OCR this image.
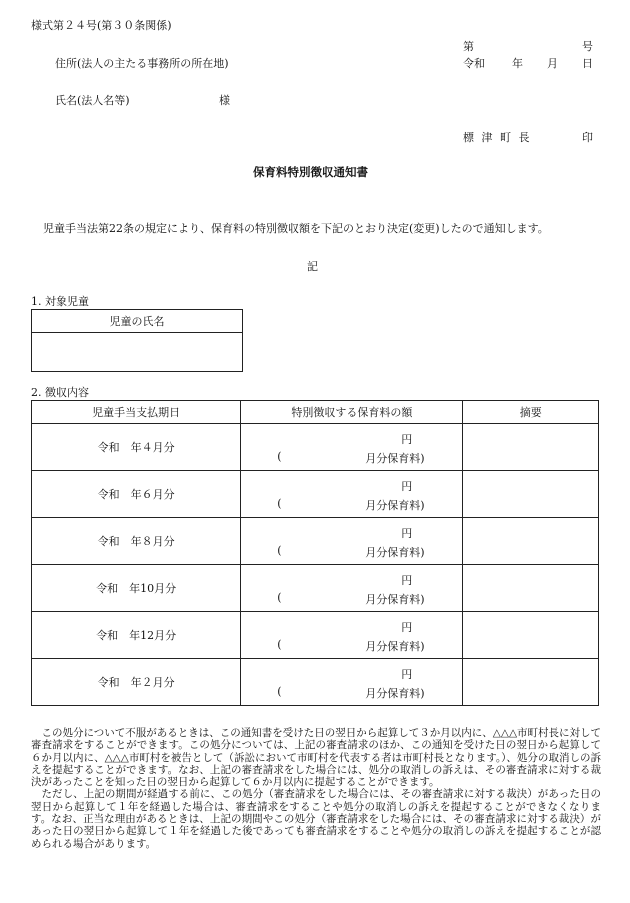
様式第２４号(第３０条関係)
第	号
住所(法人の主たる事務所の所在地)	令和 年 月 日
氏名(法人名等)	様
標 津 町 長	印
保育料特別徴収通知書
児童手当法第22条の規定により、保育料の特別徴収額を下記のとおり決定(変更)したので通知します。
記
1. 対象児童
児童の氏名

2. 徴収内容
児童手当支払期日	特別徴収する保育料の額	摘要
令和　年４月分	円
( 月分保育料)	

令和　年６月分	円
( 月分保育料)	

令和　年８月分	円
( 月分保育料)	

令和　年10月分	円
( 月分保育料)	

令和　年12月分	円
( 月分保育料)	

令和　年２月分	円
( 月分保育料)	

この処分について不服があるときは、この通知書を受けた日の翌日から起算して３か月以内に、△△△市町村長に対して審査請求をすることができます。この処分については、上記の審査請求のほか、この通知を受けた日の翌日から起算して６か月以内に、△△△市町村を被告として（訴訟において市町村を代表する者は市町村長となります。）、処分の取消しの訴えを提起することができます。なお、上記の審査請求をした場合には、処分の取消しの訴えは、その審査請求に対する裁決があったことを知った日の翌日から起算して６か月以内に提起することができます。

ただし、上記の期間が経過する前に、この処分（審査請求をした場合には、その審査請求に対する裁決）があった日の翌日から起算して１年を経過した場合は、審査請求をすることや処分の取消しの訴えを提起することができなくなります。なお、正当な理由があるときは、上記の期間やこの処分（審査請求をした場合には、その審査請求に対する裁決）があった日の翌日から起算して１年を経過した後であっても審査請求をすることや処分の取消しの訴えを提起することが認められる場合があります。
